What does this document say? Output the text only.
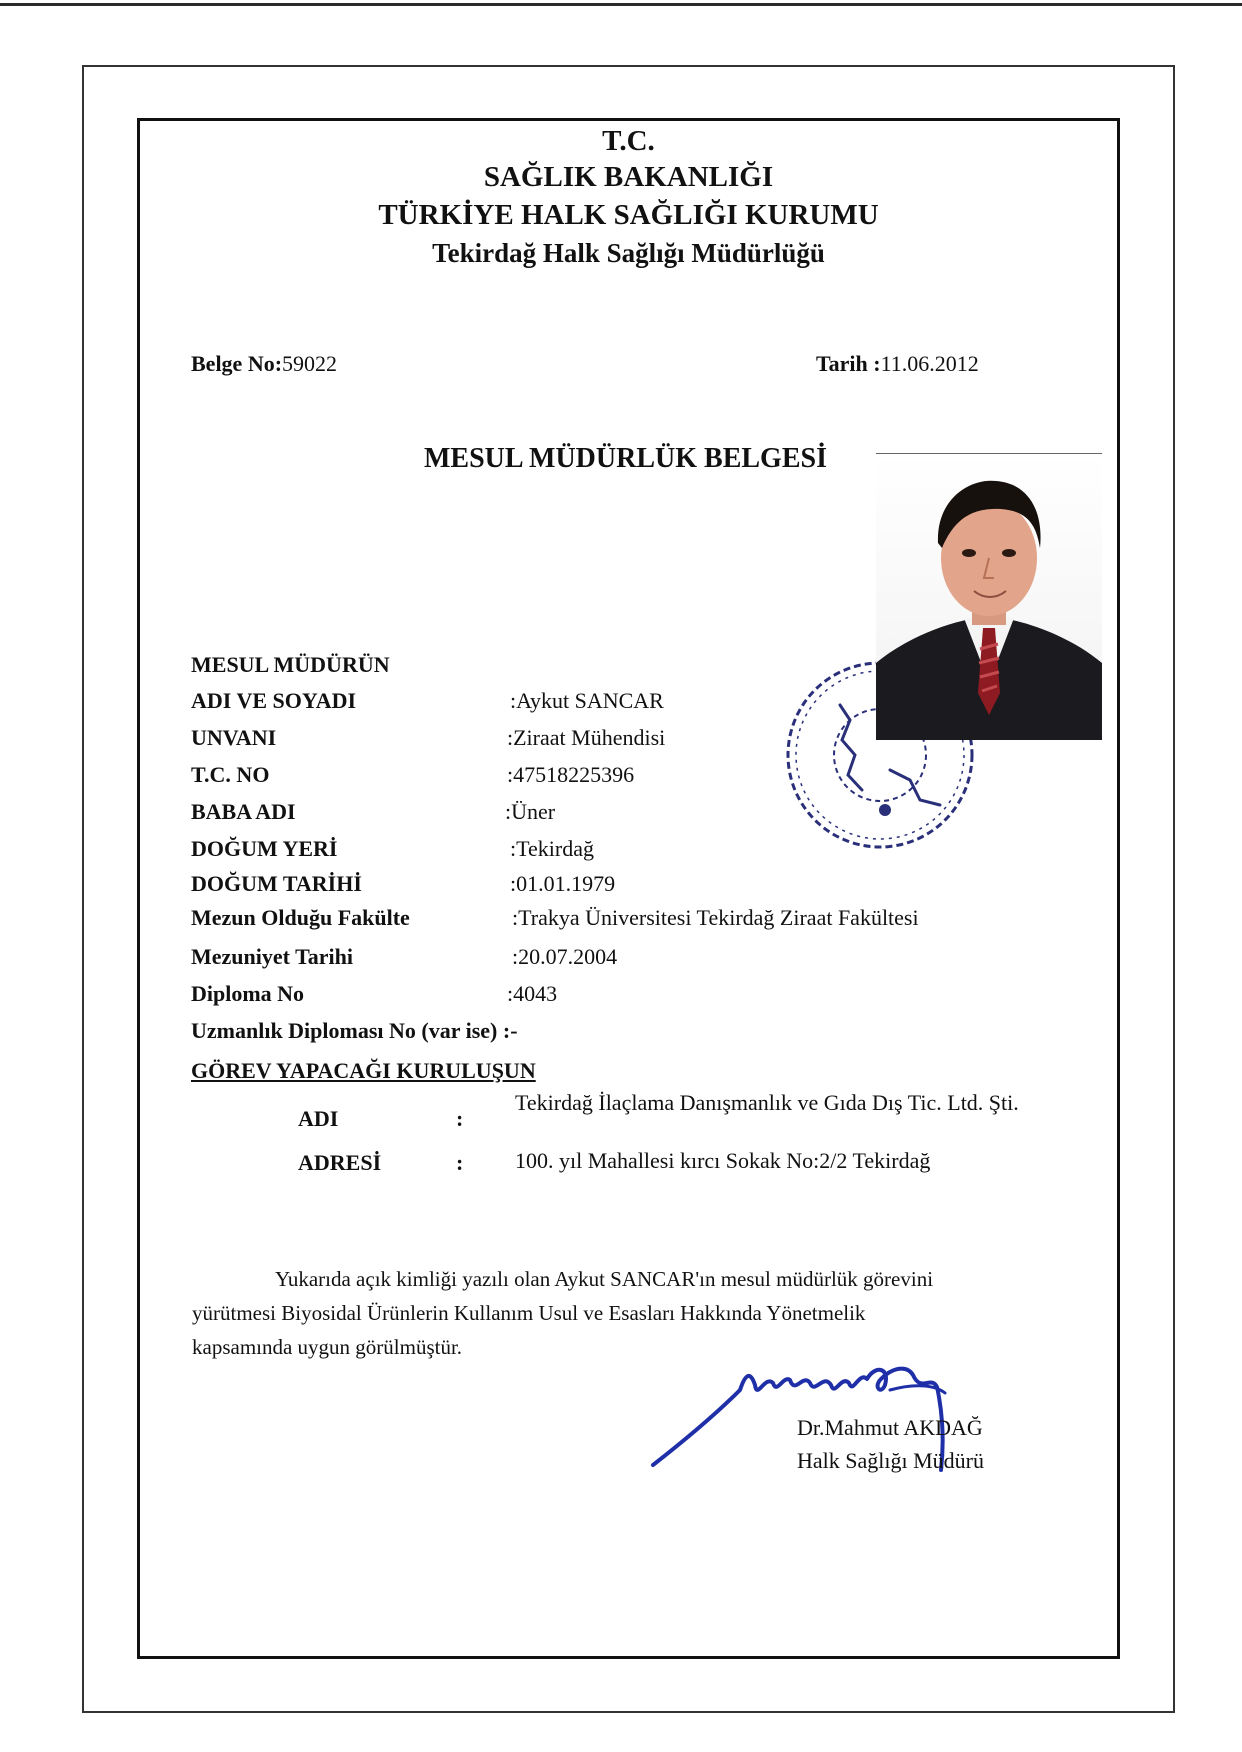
T.C.
SAĞLIK BAKANLIĞI
TÜRKİYE HALK SAĞLIĞI KURUMU
Tekirdağ Halk Sağlığı Müdürlüğü
Belge No:59022	Tarih :11.06.2012
MESUL MÜDÜRLÜK BELGESİ
MESUL MÜDÜRÜN
ADI VE SOYADI	:Aykut SANCAR
UNVANI	:Ziraat Mühendisi
T.C. NO	:47518225396
BABA ADI	:Üner
DOĞUM YERİ	:Tekirdağ
DOĞUM TARİHİ	:01.01.1979
Mezun Olduğu Fakülte	:Trakya Üniversitesi Tekirdağ Ziraat Fakültesi
Mezuniyet Tarihi	:20.07.2004
Diploma No	:4043
Uzmanlık Diploması No (var ise) :-
GÖREV YAPACAĞI KURULUŞUN
ADI	:
Tekirdağ İlaçlama Danışmanlık ve Gıda Dış Tic. Ltd. Şti.
ADRESİ	: 100. yıl Mahallesi kırcı Sokak No:2/2 Tekirdağ
Yukarıda açık kimliği yazılı olan Aykut SANCAR'ın mesul müdürlük görevini
yürütmesi Biyosidal Ürünlerin Kullanım Usul ve Esasları Hakkında Yönetmelik
kapsamında uygun görülmüştür.
Dr.Mahmut AKDAĞ
Halk Sağlığı Müdürü
